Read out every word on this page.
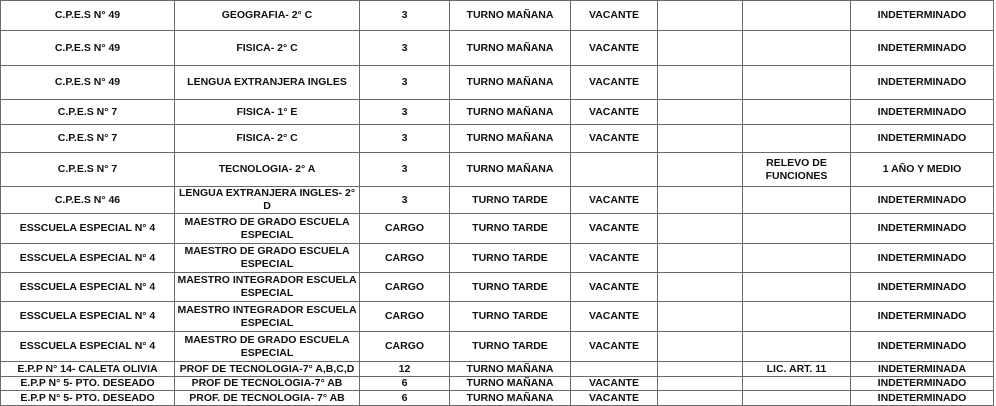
C.P.E.S N° 49	GEOGRAFIA- 2° C	3	TURNO MAÑANA	VACANTE			INDETERMINADO
C.P.E.S N° 49	FISICA- 2° C	3	TURNO MAÑANA	VACANTE			INDETERMINADO
C.P.E.S N° 49	LENGUA EXTRANJERA INGLES	3	TURNO MAÑANA	VACANTE			INDETERMINADO
C.P.E.S N° 7	FISICA- 1° E	3	TURNO MAÑANA	VACANTE			INDETERMINADO
C.P.E.S N° 7	FISICA- 2° C	3	TURNO MAÑANA	VACANTE			INDETERMINADO
C.P.E.S N° 7	TECNOLOGIA- 2° A	3	TURNO MAÑANA			RELEVO DE FUNCIONES	1 AÑO Y MEDIO
C.P.E.S N° 46	LENGUA EXTRANJERA INGLES- 2° D	3	TURNO TARDE	VACANTE			INDETERMINADO
ESSCUELA ESPECIAL N° 4	MAESTRO DE GRADO ESCUELA ESPECIAL	CARGO	TURNO TARDE	VACANTE			INDETERMINADO
ESSCUELA ESPECIAL N° 4	MAESTRO DE GRADO ESCUELA ESPECIAL	CARGO	TURNO TARDE	VACANTE			INDETERMINADO
ESSCUELA ESPECIAL N° 4	MAESTRO INTEGRADOR ESCUELA ESPECIAL	CARGO	TURNO TARDE	VACANTE			INDETERMINADO
ESSCUELA ESPECIAL N° 4	MAESTRO INTEGRADOR ESCUELA ESPECIAL	CARGO	TURNO TARDE	VACANTE			INDETERMINADO
ESSCUELA ESPECIAL N° 4	MAESTRO DE GRADO ESCUELA ESPECIAL	CARGO	TURNO TARDE	VACANTE			INDETERMINADO
E.P.P N° 14- CALETA OLIVIA	PROF DE TECNOLOGIA-7° A,B,C,D	12	TURNO MAÑANA			LIC. ART. 11	INDETERMINADA
E.P.P N° 5- PTO. DESEADO	PROF DE TECNOLOGIA-7° AB	6	TURNO MAÑANA	VACANTE			INDETERMINADO
E.P.P N° 5- PTO. DESEADO	PROF. DE TECNOLOGIA- 7° AB	6	TURNO MAÑANA	VACANTE			INDETERMINADO
